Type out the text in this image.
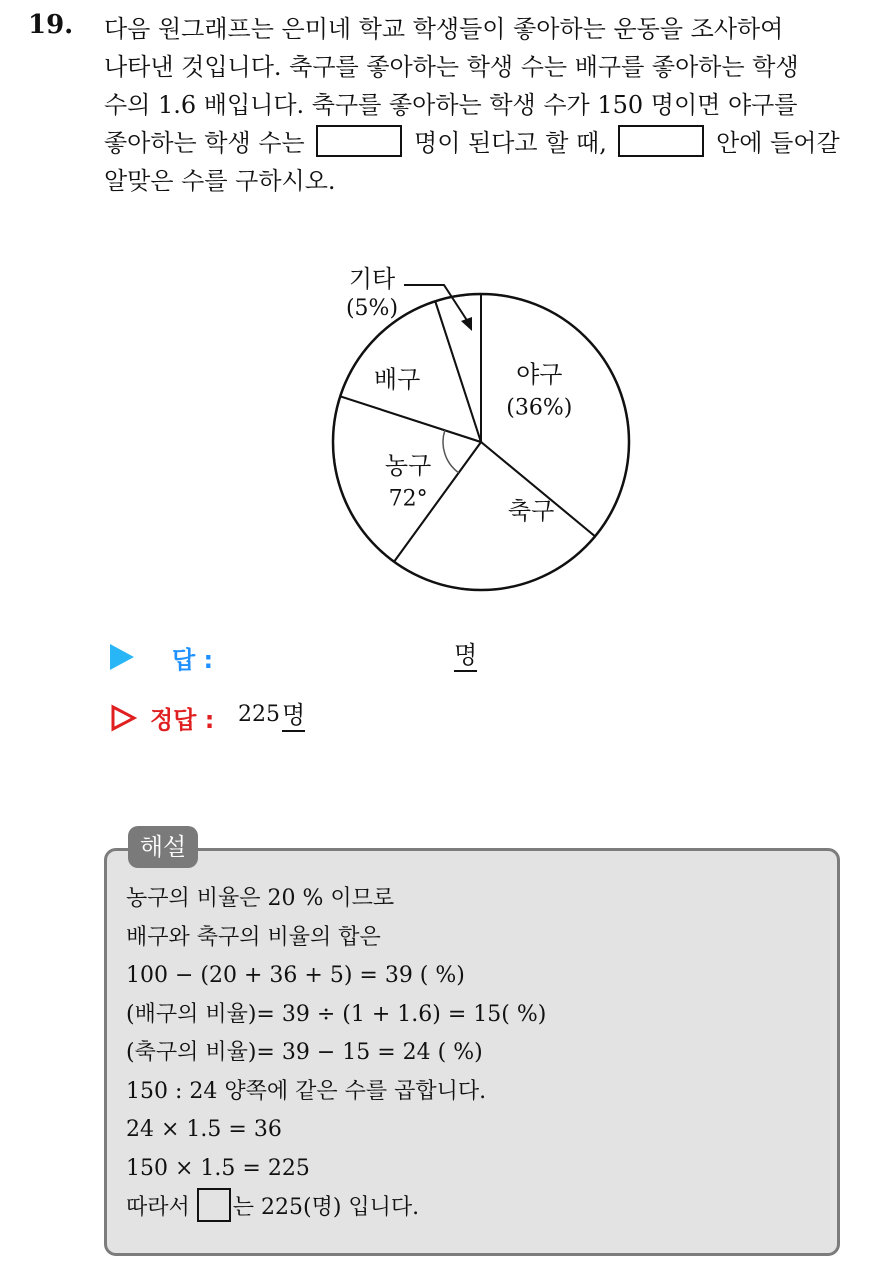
19. 다음 원그래프는 은미네 학교 학생들이 좋아하는 운동을 조사하여
나타낸 것입니다. 축구를 좋아하는 학생 수는 배구를 좋아하는 학생
수의 1.6 배입니다. 축구를 좋아하는 학생 수가 150 명이면 야구를
좋아하는 학생 수는	명이 된다고 할 때,	안에 들어갈
알맞은 수를 구하시오.
야구
(36%)
축구
농구
72°
배구
기타
(5%)
답 :	명
정답 : 225 명
해설
농구의 비율은 20 % 이므로
배구와 축구의 비율의 합은
100 − (20 + 36 + 5) = 39 ( %)
(배구의 비율)= 39 ÷ (1 + 1.6) = 15( %)
(축구의 비율)= 39 − 15 = 24 ( %)
150 : 24 양쪽에 같은 수를 곱합니다.
24 × 1.5 = 36
150 × 1.5 = 225
따라서 는 225(명) 입니다.
